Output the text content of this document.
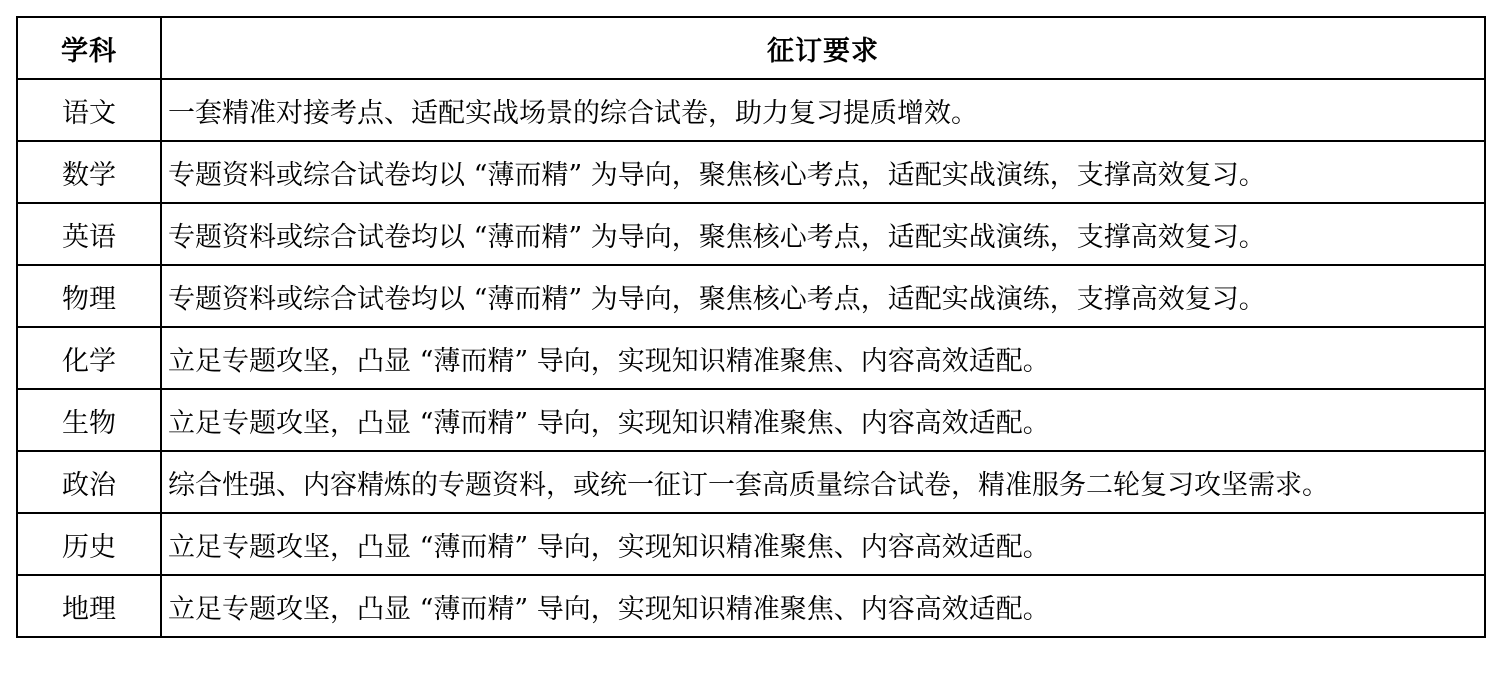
学科	征订要求
语文	一套精准对接考点、适配实战场景的综合试卷，助力复习提质增效。
数学	专题资料或综合试卷均以 “薄而精” 为导向，聚焦核心考点，适配实战演练，支撑高效复习。
英语	专题资料或综合试卷均以 “薄而精” 为导向，聚焦核心考点，适配实战演练，支撑高效复习。
物理	专题资料或综合试卷均以 “薄而精” 为导向，聚焦核心考点，适配实战演练，支撑高效复习。
化学	立足专题攻坚，凸显 “薄而精” 导向，实现知识精准聚焦、内容高效适配。
生物	立足专题攻坚，凸显 “薄而精” 导向，实现知识精准聚焦、内容高效适配。
政治	综合性强、内容精炼的专题资料，或统一征订一套高质量综合试卷，精准服务二轮复习攻坚需求。
历史	立足专题攻坚，凸显 “薄而精” 导向，实现知识精准聚焦、内容高效适配。
地理	立足专题攻坚，凸显 “薄而精” 导向，实现知识精准聚焦、内容高效适配。
